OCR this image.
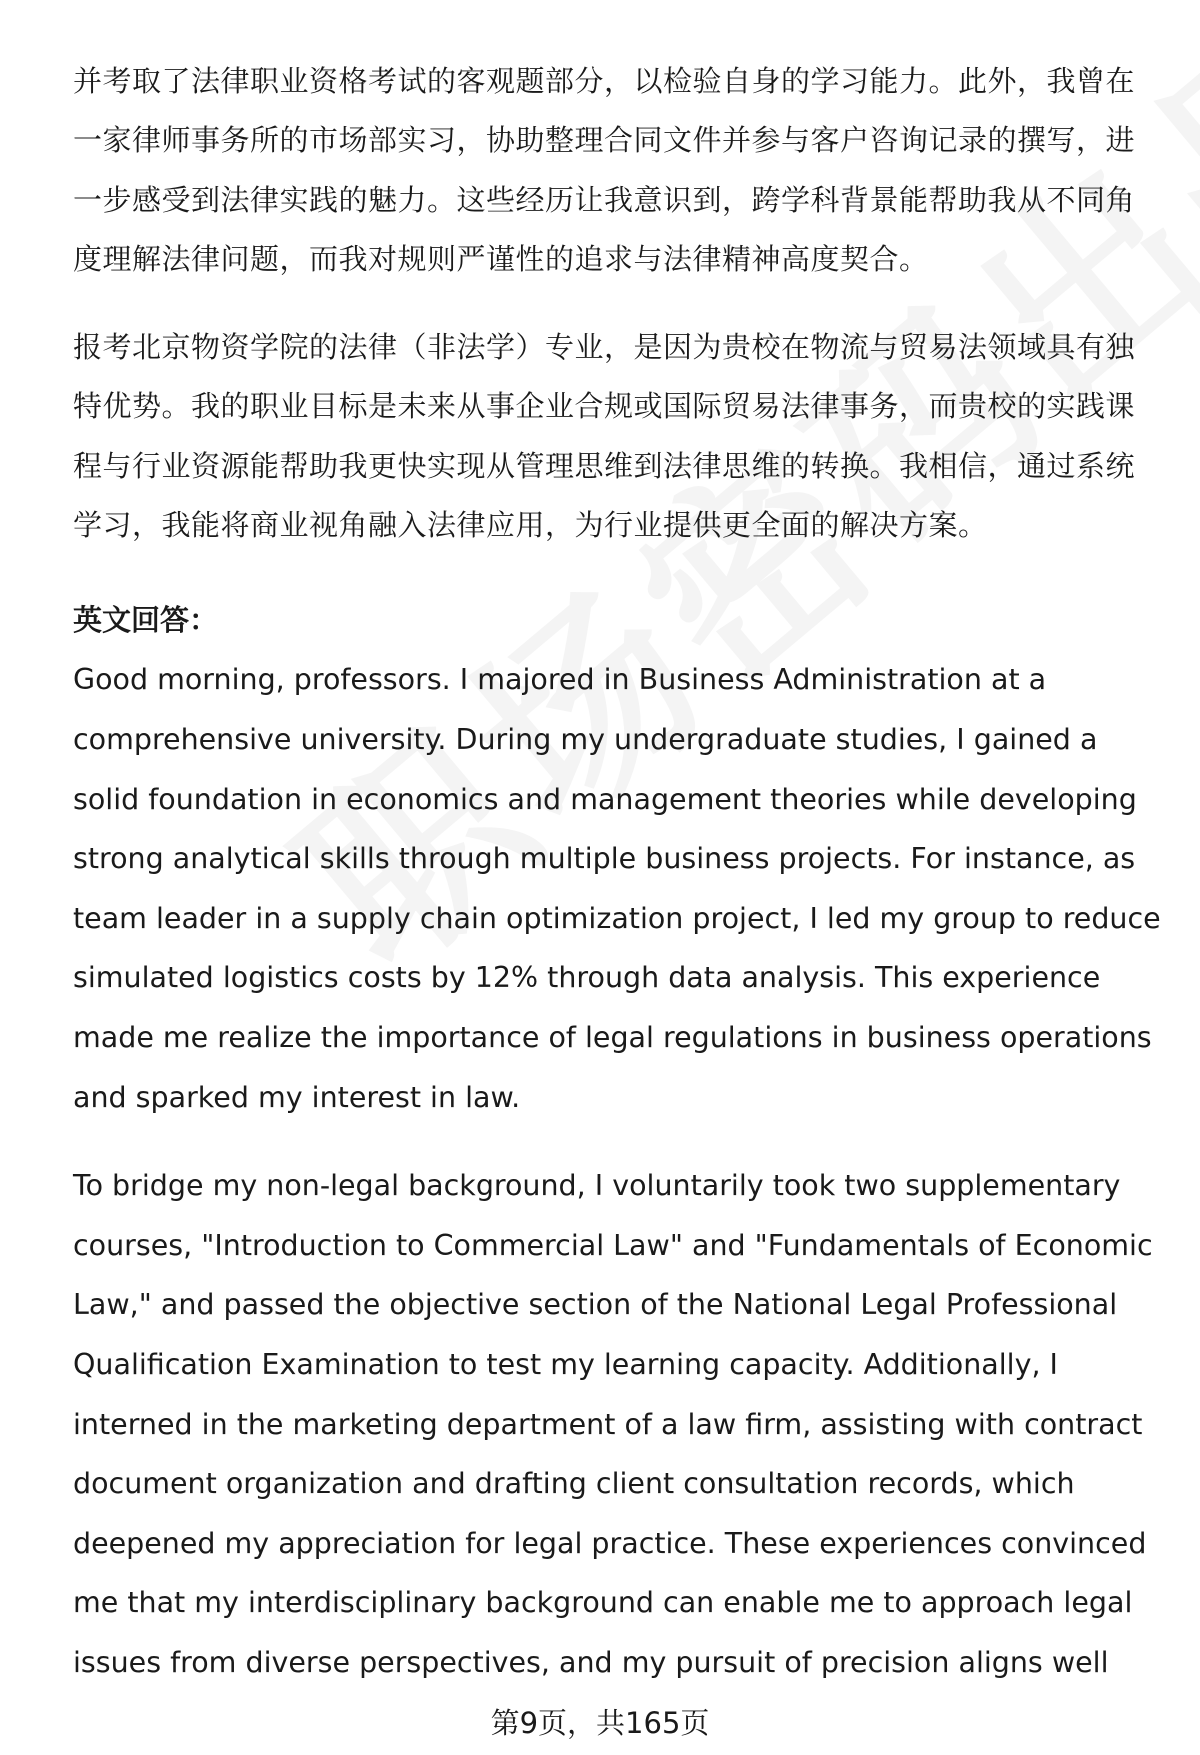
并考取了法律职业资格考试的客观题部分，以检验自身的学习能力。此外，我曾在
一家律师事务所的市场部实习，协助整理合同文件并参与客户咨询记录的撰写，进
一步感受到法律实践的魅力。这些经历让我意识到，跨学科背景能帮助我从不同角
度理解法律问题，而我对规则严谨性的追求与法律精神高度契合。

报考北京物资学院的法律（非法学）专业，是因为贵校在物流与贸易法领域具有独
特优势。我的职业目标是未来从事企业合规或国际贸易法律事务，而贵校的实践课
程与行业资源能帮助我更快实现从管理思维到法律思维的转换。我相信，通过系统
学习，我能将商业视角融入法律应用，为行业提供更全面的解决方案。

英文回答：

Good morning, professors. I majored in Business Administration at a
comprehensive university. During my undergraduate studies, I gained a
solid foundation in economics and management theories while developing
strong analytical skills through multiple business projects. For instance, as
team leader in a supply chain optimization project, I led my group to reduce
simulated logistics costs by 12% through data analysis. This experience
made me realize the importance of legal regulations in business operations
and sparked my interest in law.

To bridge my non-legal background, I voluntarily took two supplementary
courses, "Introduction to Commercial Law" and "Fundamentals of Economic
Law," and passed the objective section of the National Legal Professional
Qualification Examination to test my learning capacity. Additionally, I
interned in the marketing department of a law firm, assisting with contract
document organization and drafting client consultation records, which
deepened my appreciation for legal practice. These experiences convinced
me that my interdisciplinary background can enable me to approach legal
issues from diverse perspectives, and my pursuit of precision aligns well

第9页，共165页
